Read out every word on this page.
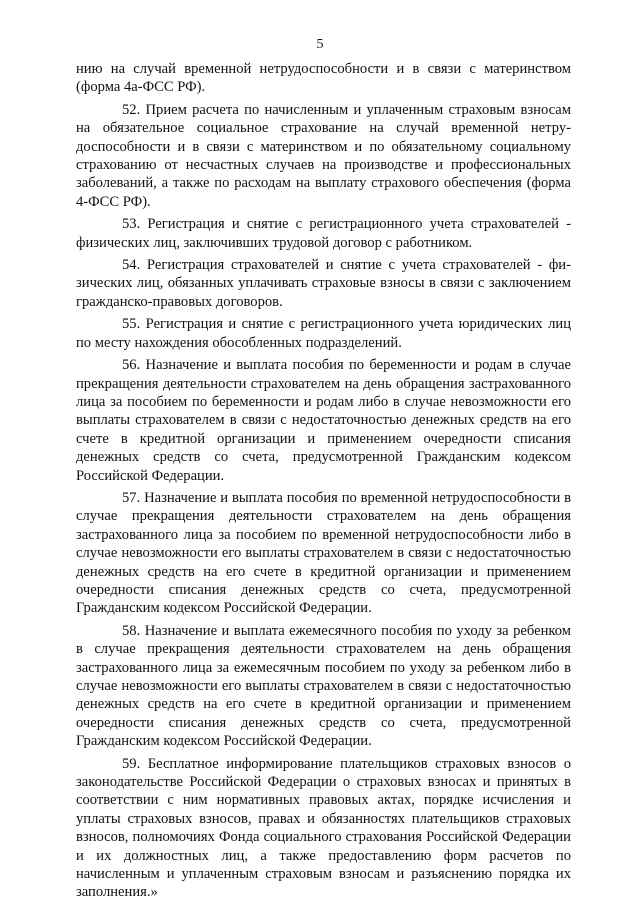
5

нию на случай временной нетрудоспособности и в связи с материнством (форма 4а-ФСС РФ).

52. Прием расчета по начисленным и уплаченным страховым взносам на обязательное социальное страхование на случай временной нетрудоспособности и в связи с материнством и по обязательному социальному страхованию от несчастных случаев на производстве и профессиональных заболеваний, а также по расходам на выплату страхового обеспечения (форма 4-ФСС РФ).

53. Регистрация и снятие с регистрационного учета страхователей - физических лиц, заключивших трудовой договор с работником.

54. Регистрация страхователей и снятие с учета страхователей - физических лиц, обязанных уплачивать страховые взносы в связи с заключением гражданско-правовых договоров.

55. Регистрация и снятие с регистрационного учета юридических лиц по месту нахождения обособленных подразделений.

56. Назначение и выплата пособия по беременности и родам в случае прекращения деятельности страхователем на день обращения застрахованного лица за пособием по беременности и родам либо в случае невозможности его выплаты страхователем в связи с недостаточностью денежных средств на его счете в кредитной организации и применением очередности списания денежных средств со счета, предусмотренной Гражданским кодексом Российской Федерации.

57. Назначение и выплата пособия по временной нетрудоспособности в случае прекращения деятельности страхователем на день обращения застрахованного лица за пособием по временной нетрудоспособности либо в случае невозможности его выплаты страхователем в связи с недостаточностью денежных средств на его счете в кредитной организации и применением очередности списания денежных средств со счета, предусмотренной Гражданским кодексом Российской Федерации.

58. Назначение и выплата ежемесячного пособия по уходу за ребенком в случае прекращения деятельности страхователем на день обращения застрахованного лица за ежемесячным пособием по уходу за ребенком либо в случае невозможности его выплаты страхователем в связи с недостаточностью денежных средств на его счете в кредитной организации и применением очередности списания денежных средств со счета, предусмотренной Гражданским кодексом Российской Федерации.

59. Бесплатное информирование плательщиков страховых взносов о законодательстве Российской Федерации о страховых взносах и принятых в соответствии с ним нормативных правовых актах, порядке исчисления и уплаты страховых взносов, правах и обязанностях плательщиков страховых взносов, полномочиях Фонда социального страхования Российской Федерации и их должностных лиц, а также предоставлению форм расчетов по начисленным и уплаченным страховым взносам и разъяснению порядка их заполнения.»
